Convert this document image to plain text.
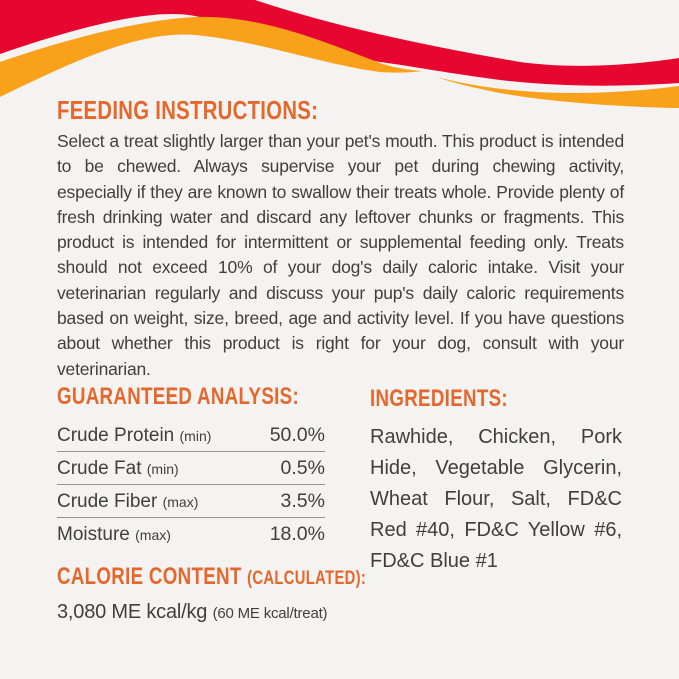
FEEDING INSTRUCTIONS:

Select a treat slightly larger than your pet's mouth. This product is intended to be chewed. Always supervise your pet during chewing activity, especially if they are known to swallow their treats whole. Provide plenty of fresh drinking water and discard any leftover chunks or fragments. This product is intended for intermittent or supplemental feeding only. Treats should not exceed 10% of your dog's daily caloric intake. Visit your veterinarian regularly and discuss your pup's daily caloric requirements based on weight, size, breed, age and activity level. If you have questions about whether this product is right for your dog, consult with your veterinarian.

GUARANTEED ANALYSIS:
Crude Protein (min)	50.0%
Crude Fat (min)	0.5%
Crude Fiber (max)	3.5%
Moisture (max)	18.0%
CALORIE CONTENT (CALCULATED):

3,080 ME kcal/kg (60 ME kcal/treat)

INGREDIENTS:

Rawhide, Chicken, Pork Hide, Vegetable Glycerin, Wheat Flour, Salt, FD&C Red #40, FD&C Yellow #6, FD&C Blue #1
